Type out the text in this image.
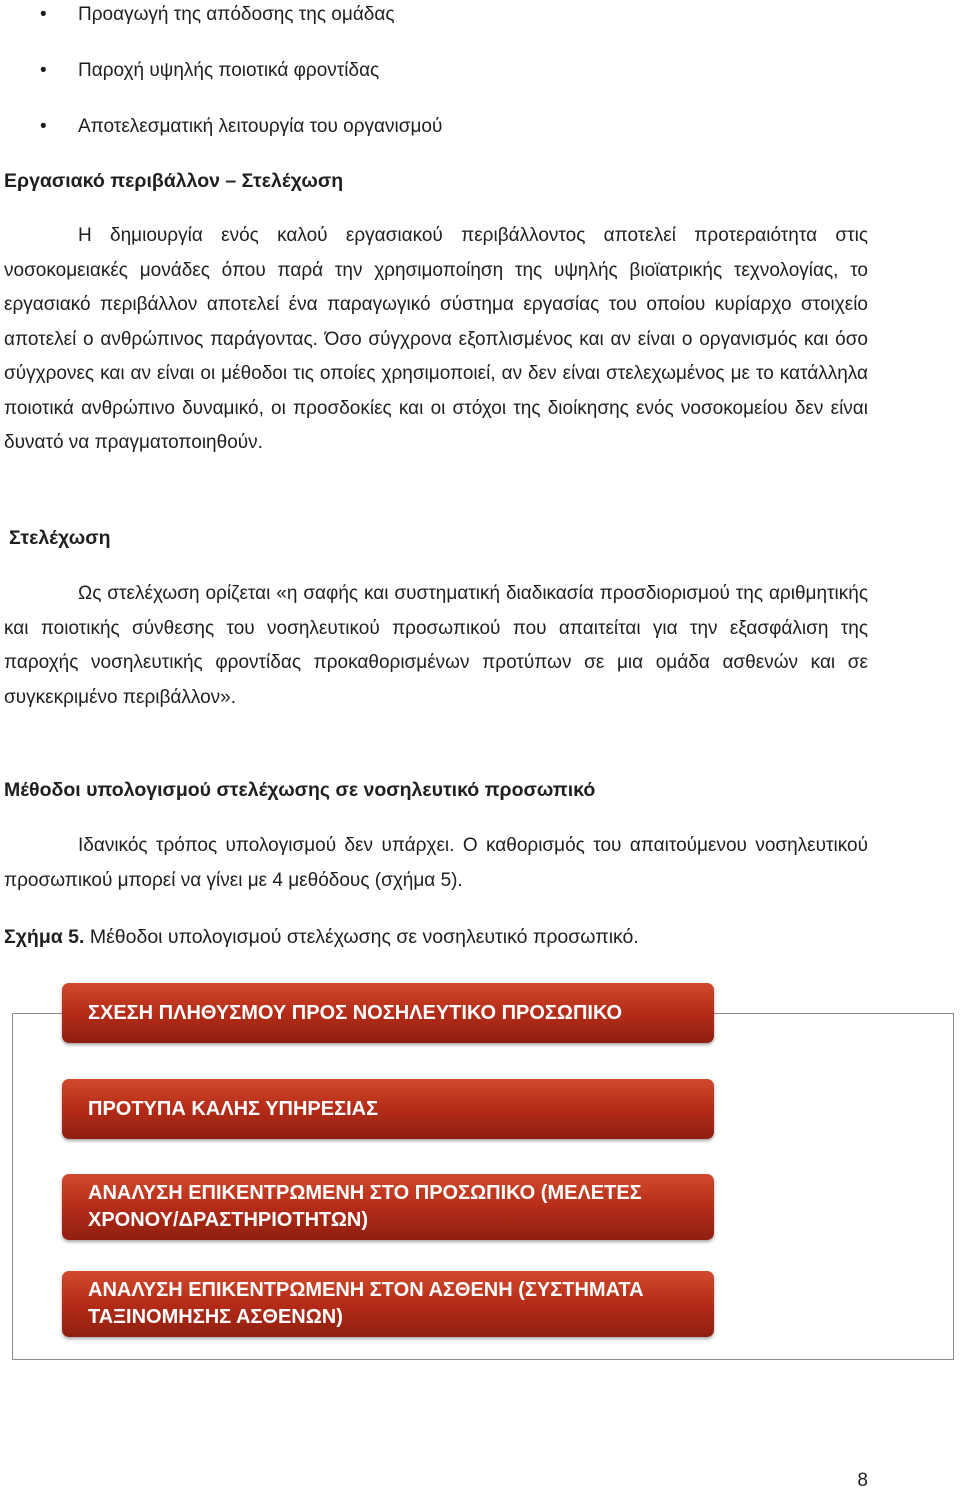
•	Προαγωγή της απόδοσης της ομάδας
•	Παροχή υψηλής ποιοτικά φροντίδας
•	Αποτελεσματική λειτουργία του οργανισμού
Εργασιακό περιβάλλον – Στελέχωση
Η δημιουργία ενός καλού εργασιακού περιβάλλοντος αποτελεί προτεραιότητα στις νοσοκομειακές μονάδες όπου παρά την χρησιμοποίηση της υψηλής βιοϊατρικής τεχνολογίας, το εργασιακό περιβάλλον αποτελεί ένα παραγωγικό σύστημα εργασίας του οποίου κυρίαρχο στοιχείο αποτελεί ο ανθρώπινος παράγοντας. Όσο σύγχρονα εξοπλισμένος και αν είναι ο οργανισμός και όσο σύγχρονες και αν είναι οι μέθοδοι τις οποίες χρησιμοποιεί, αν δεν είναι στελεχωμένος με το κατάλληλα ποιοτικά ανθρώπινο δυναμικό, οι προσδοκίες και οι στόχοι της διοίκησης ενός νοσοκομείου δεν είναι δυνατό να πραγματοποιηθούν.
Στελέχωση
Ως στελέχωση ορίζεται «η σαφής και συστηματική διαδικασία προσδιορισμού της αριθμητικής και ποιοτικής σύνθεσης του νοσηλευτικού προσωπικού που απαιτείται για την εξασφάλιση της παροχής νοσηλευτικής φροντίδας προκαθορισμένων προτύπων σε μια ομάδα ασθενών και σε συγκεκριμένο περιβάλλον».
Μέθοδοι υπολογισμού στελέχωσης σε νοσηλευτικό προσωπικό
Ιδανικός τρόπος υπολογισμού δεν υπάρχει. Ο καθορισμός του απαιτούμενου νοσηλευτικού προσωπικού μπορεί να γίνει με 4 μεθόδους (σχήμα 5).
Σχήμα 5. Μέθοδοι υπολογισμού στελέχωσης σε νοσηλευτικό προσωπικό.
ΣΧΕΣΗ ΠΛΗΘΥΣΜΟΥ ΠΡΟΣ ΝΟΣΗΛΕΥΤΙΚΟ ΠΡΟΣΩΠΙΚΟ
ΠΡΟΤΥΠΑ ΚΑΛΗΣ ΥΠΗΡΕΣΙΑΣ
ΑΝΑΛΥΣΗ ΕΠΙΚΕΝΤΡΩΜΕΝΗ ΣΤΟ ΠΡΟΣΩΠΙΚΟ (ΜΕΛΕΤΕΣ ΧΡΟΝΟΥ/ΔΡΑΣΤΗΡΙΟΤΗΤΩΝ)
ΑΝΑΛΥΣΗ ΕΠΙΚΕΝΤΡΩΜΕΝΗ ΣΤΟΝ ΑΣΘΕΝΗ (ΣΥΣΤΗΜΑΤΑ ΤΑΞΙΝΟΜΗΣΗΣ ΑΣΘΕΝΩΝ)
8
